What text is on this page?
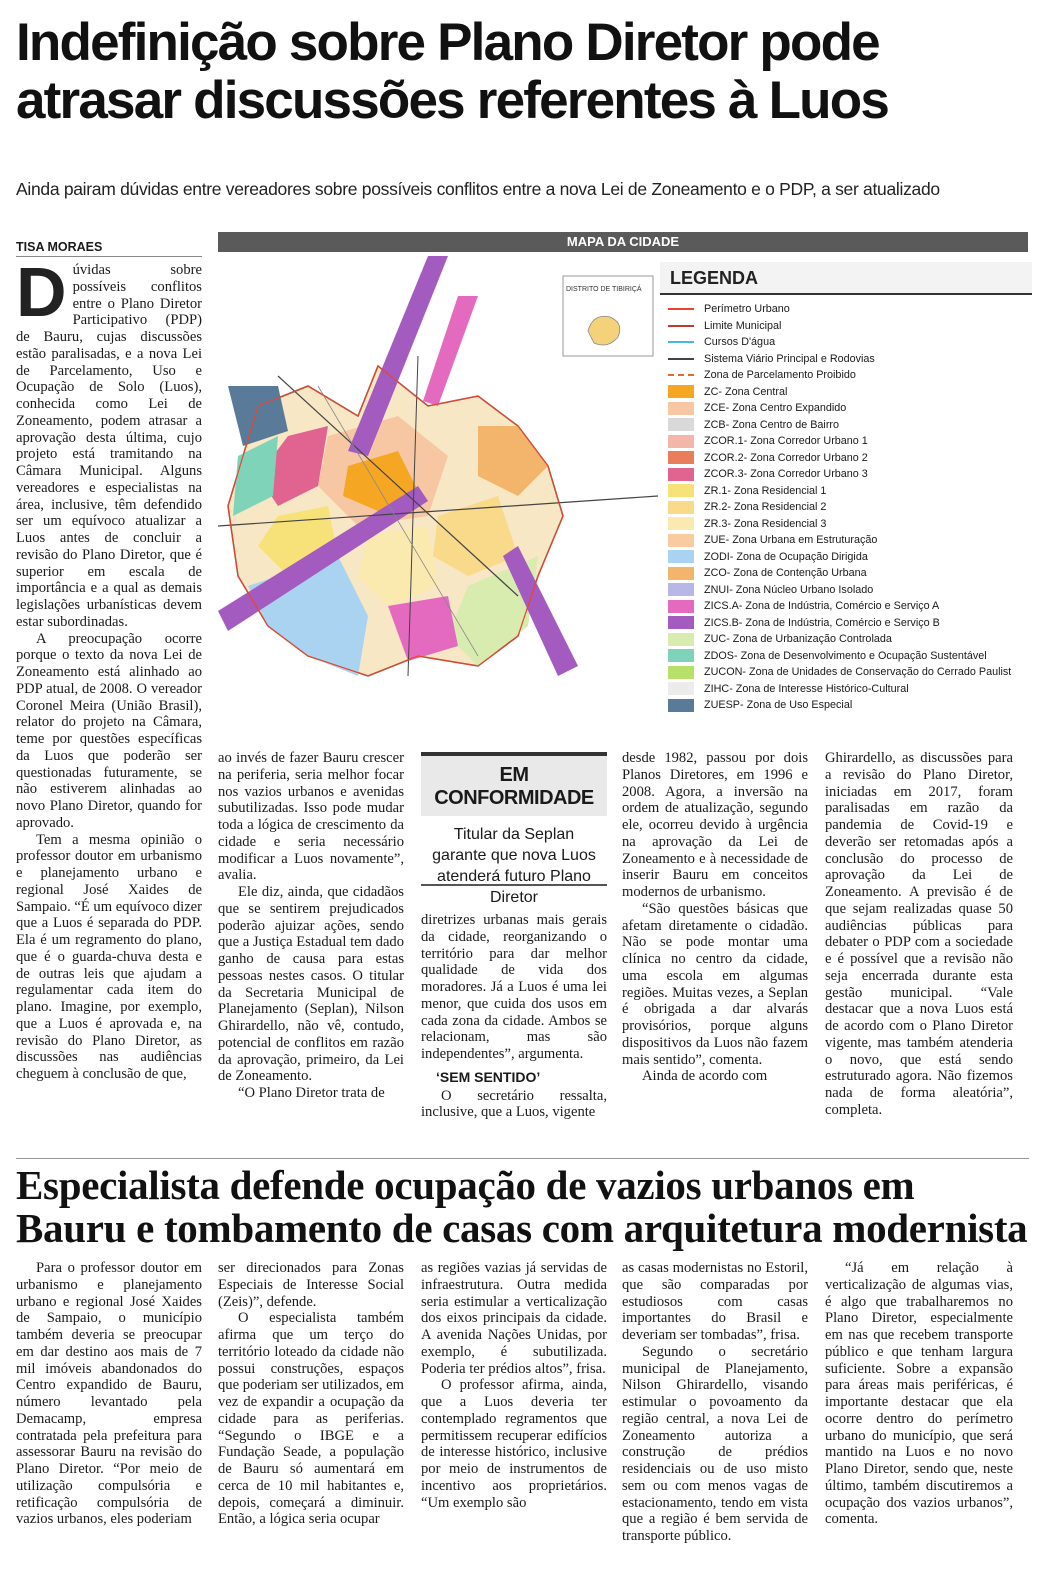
Indefinição sobre Plano Diretor pode atrasar discussões referentes à Luos
Ainda pairam dúvidas entre vereadores sobre possíveis conflitos entre a nova Lei de Zoneamento e o PDP, a ser atualizado
TISA MORAES	MAPA DA CIDADE
DISTRITO DE TIBIRIÇÁ
LEGENDA
Perímetro Urbano
Limite Municipal
Cursos D'água
Sistema Viário Principal e Rodovias
Zona de Parcelamento Proibido
ZC - Zona Central
ZCE - Zona Centro Expandido
ZCB - Zona Centro de Bairro
ZCOR.1 - Zona Corredor Urbano 1
ZCOR.2 - Zona Corredor Urbano 2
ZCOR.3 - Zona Corredor Urbano 3
ZR.1 - Zona Residencial 1
ZR.2 - Zona Residencial 2
ZR.3 - Zona Residencial 3
ZUE - Zona Urbana em Estruturação
ZODI - Zona de Ocupação Dirigida
ZCO - Zona de Contenção Urbana
ZNUI - Zona Núcleo Urbano Isolado
ZICS.A - Zona de Indústria, Comércio e Serviço A
ZICS.B - Zona de Indústria, Comércio e Serviço B
ZUC - Zona de Urbanização Controlada
ZDOS - Zona de Desenvolvimento e Ocupação Sustentável
ZUCON - Zona de Unidades de Conservação do Cerrado Paulist
ZIHC - Zona de Interesse Histórico-Cultural
ZUESP - Zona de Uso Especial
D úvidas sobre possíveis conflitos entre o Plano Diretor Participativo (PDP) de Bauru, cujas discussões estão paralisadas, e a nova Lei de Parcelamento, Uso e Ocupação de Solo (Luos), conhecida como Lei de Zoneamento, podem atrasar a aprovação desta última, cujo projeto está tramitando na Câmara Municipal. Alguns vereadores e especialistas na área, inclusive, têm defendido ser um equívoco atualizar a Luos antes de concluir a revisão do Plano Diretor, que é superior em escala de importância e a qual as demais legislações urbanísticas devem estar subordinadas.

A preocupação ocorre porque o texto da nova Lei de Zoneamento está alinhado ao PDP atual, de 2008. O vereador Coronel Meira (União Brasil), relator do projeto na Câmara, teme por questões específicas da Luos que poderão ser questionadas futuramente, se não estiverem alinhadas ao novo Plano Diretor, quando for aprovado.

Tem a mesma opinião o professor doutor em urbanismo e planejamento urbano e regional José Xaides de Sampaio. “É um equívoco dizer que a Luos é separada do PDP. Ela é um regramento do plano, que é o guarda-chuva desta e de outras leis que ajudam a regulamentar cada item do plano. Imagine, por exemplo, que a Luos é aprovada e, na revisão do Plano Diretor, as discussões nas audiências cheguem à conclusão de que,

ao invés de fazer Bauru crescer na periferia, seria melhor focar nos vazios urbanos e avenidas subutilizadas. Isso pode mudar toda a lógica de crescimento da cidade e seria necessário modificar a Luos novamente”, avalia.

Ele diz, ainda, que cidadãos que se sentirem prejudicados poderão ajuizar ações, sendo que a Justiça Estadual tem dado ganho de causa para estas pessoas nestes casos. O titular da Secretaria Municipal de Planejamento (Seplan), Nilson Ghirardello, não vê, contudo, potencial de conflitos em razão da aprovação, primeiro, da Lei de Zoneamento.

“O Plano Diretor trata de

EM CONFORMIDADE
Titular da Seplan garante que nova Luos atenderá futuro Plano Diretor

diretrizes urbanas mais gerais da cidade, reorganizando o território para dar melhor qualidade de vida dos moradores. Já a Luos é uma lei menor, que cuida dos usos em cada zona da cidade. Ambos se relacionam, mas são independentes”, argumenta.

‘SEM SENTIDO’

O secretário ressalta, inclusive, que a Luos, vigente

desde 1982, passou por dois Planos Diretores, em 1996 e 2008. Agora, a inversão na ordem de atualização, segundo ele, ocorreu devido à urgência na aprovação da Lei de Zoneamento e à necessidade de inserir Bauru em conceitos modernos de urbanismo.

“São questões básicas que afetam diretamente o cidadão. Não se pode montar uma clínica no centro da cidade, uma escola em algumas regiões. Muitas vezes, a Seplan é obrigada a dar alvarás provisórios, porque alguns dispositivos da Luos não fazem mais sentido”, comenta.

Ainda de acordo com

Ghirardello, as discussões para a revisão do Plano Diretor, iniciadas em 2017, foram paralisadas em razão da pandemia de Covid-19 e deverão ser retomadas após a conclusão do processo de aprovação da Lei de Zoneamento. A previsão é de que sejam realizadas quase 50 audiências públicas para debater o PDP com a sociedade e é possível que a revisão não seja encerrada durante esta gestão municipal. “Vale destacar que a nova Luos está de acordo com o Plano Diretor vigente, mas também atenderia o novo, que está sendo estruturado agora. Não fizemos nada de forma aleatória”, completa.

Especialista defende ocupação de vazios urbanos em Bauru e tombamento de casas com arquitetura modernista

Para o professor doutor em urbanismo e planejamento urbano e regional José Xaides de Sampaio, o município também deveria se preocupar em dar destino aos mais de 7 mil imóveis abandonados do Centro expandido de Bauru, número levantado pela Demacamp, empresa contratada pela prefeitura para assessorar Bauru na revisão do Plano Diretor. “Por meio de utilização compulsória e retificação compulsória de vazios urbanos, eles poderiam

ser direcionados para Zonas Especiais de Interesse Social (Zeis)”, defende.

O especialista também afirma que um terço do território loteado da cidade não possui construções, espaços que poderiam ser utilizados, em vez de expandir a ocupação da cidade para as periferias. “Segundo o IBGE e a Fundação Seade, a população de Bauru só aumentará em cerca de 10 mil habitantes e, depois, começará a diminuir. Então, a lógica seria ocupar

as regiões vazias já servidas de infraestrutura. Outra medida seria estimular a verticalização dos eixos principais da cidade. A avenida Nações Unidas, por exemplo, é subutilizada. Poderia ter prédios altos”, frisa.

O professor afirma, ainda, que a Luos deveria ter contemplado regramentos que permitissem recuperar edifícios de interesse histórico, inclusive por meio de instrumentos de incentivo aos proprietários. “Um exemplo são

as casas modernistas no Estoril, que são comparadas por estudiosos com casas importantes do Brasil e deveriam ser tombadas”, frisa.

Segundo o secretário municipal de Planejamento, Nilson Ghirardello, visando estimular o povoamento da região central, a nova Lei de Zoneamento autoriza a construção de prédios residenciais ou de uso misto sem ou com menos vagas de estacionamento, tendo em vista que a região é bem servida de transporte público.

“Já em relação à verticalização de algumas vias, é algo que trabalharemos no Plano Diretor, especialmente em nas que recebem transporte público e que tenham largura suficiente. Sobre a expansão para áreas mais periféricas, é importante destacar que ela ocorre dentro do perímetro urbano do município, que será mantido na Luos e no novo Plano Diretor, sendo que, neste último, também discutiremos a ocupação dos vazios urbanos”, comenta.
